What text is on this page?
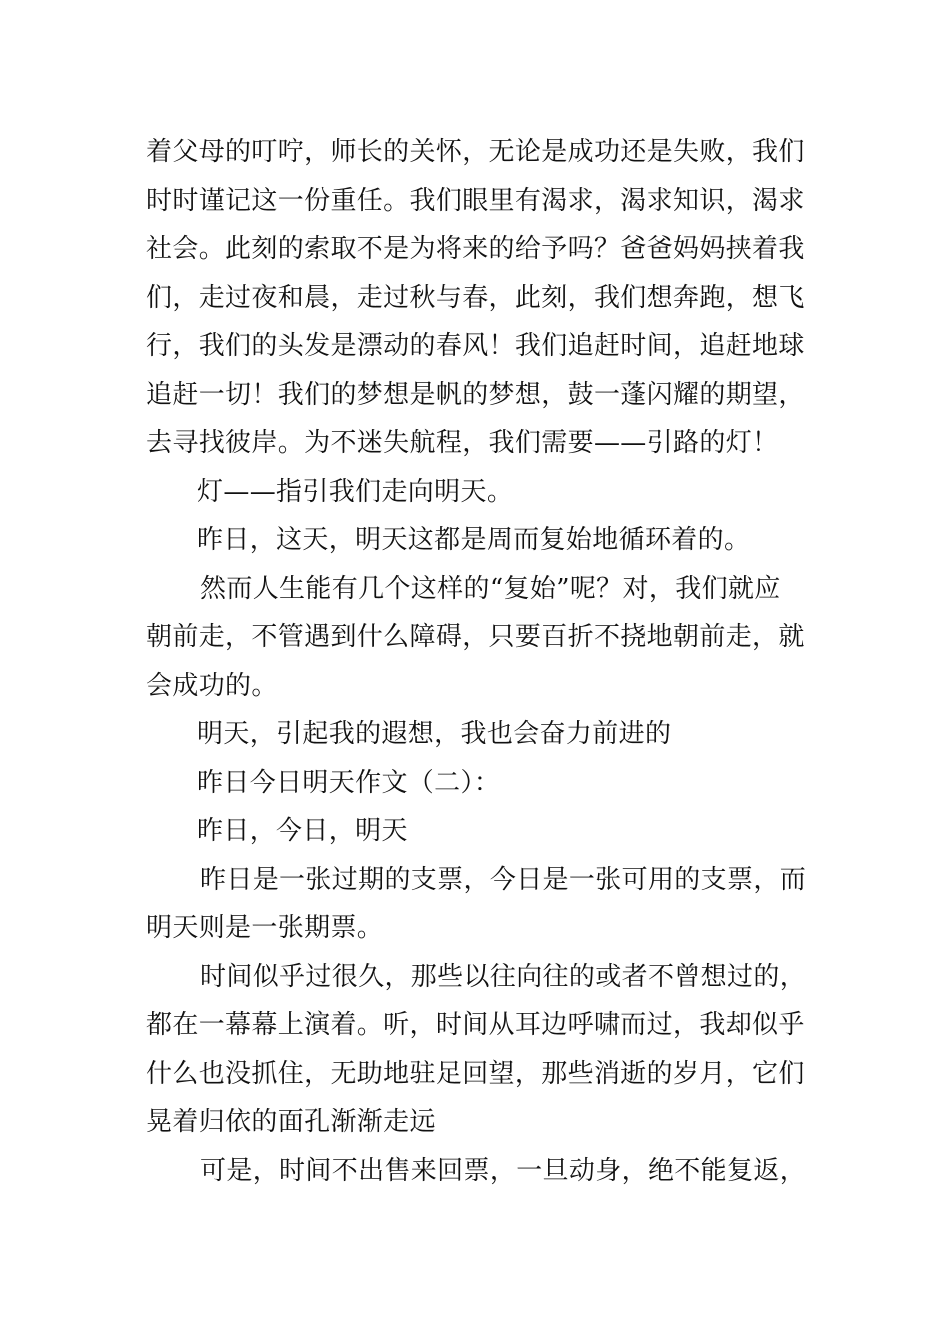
着父母的叮咛，师长的关怀，无论是成功还是失败，我们
时时谨记这一份重任。我们眼里有渴求，渴求知识，渴求
社会。此刻的索取不是为将来的给予吗？爸爸妈妈挟着我
们，走过夜和晨，走过秋与春，此刻，我们想奔跑，想飞
行，我们的头发是漂动的春风！我们追赶时间，追赶地球
追赶一切！我们的梦想是帆的梦想，鼓一蓬闪耀的期望，
去寻找彼岸。为不迷失航程，我们需要——引路的灯！
灯——指引我们走向明天。
昨日，这天，明天这都是周而复始地循环着的。
然而人生能有几个这样的“复始”呢？对，我们就应
朝前走，不管遇到什么障碍，只要百折不挠地朝前走，就
会成功的。
明天，引起我的遐想，我也会奋力前进的
昨日今日明天作文（二）：
昨日，今日，明天
昨日是一张过期的支票，今日是一张可用的支票，而
明天则是一张期票。
时间似乎过很久，那些以往向往的或者不曾想过的，
都在一幕幕上演着。听，时间从耳边呼啸而过，我却似乎
什么也没抓住，无助地驻足回望，那些消逝的岁月，它们
晃着归依的面孔渐渐走远
可是，时间不出售来回票，一旦动身，绝不能复返，
